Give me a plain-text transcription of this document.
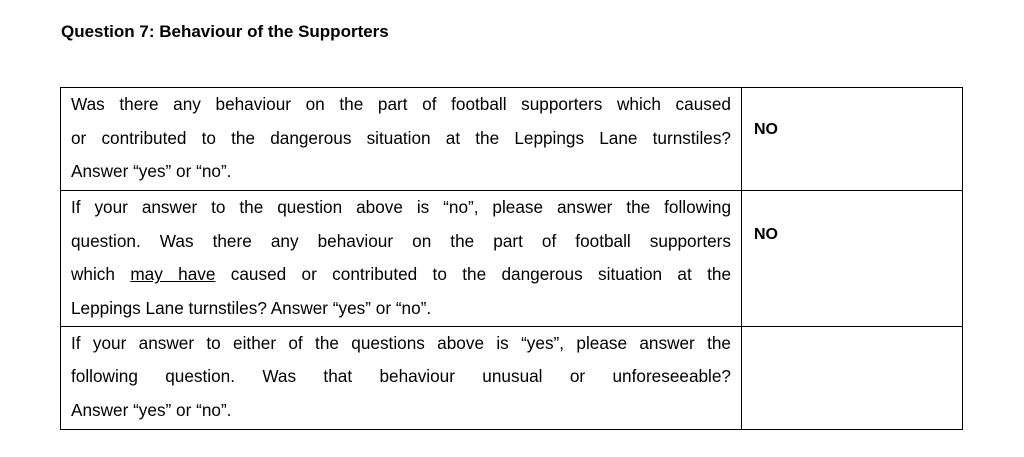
Question 7: Behaviour of the Supporters
Was there any behaviour on the part of football supporters which caused
or contributed to the dangerous situation at the Leppings Lane turnstiles?
Answer “yes” or “no”.	NO

If your answer to the question above is “no”, please answer the following
question. Was there any behaviour on the part of football supporters
which may have caused or contributed to the dangerous situation at the
Leppings Lane turnstiles? Answer “yes” or “no”.	NO

If your answer to either of the questions above is “yes”, please answer the
following question. Was that behaviour unusual or unforeseeable?
Answer “yes” or “no”.	
